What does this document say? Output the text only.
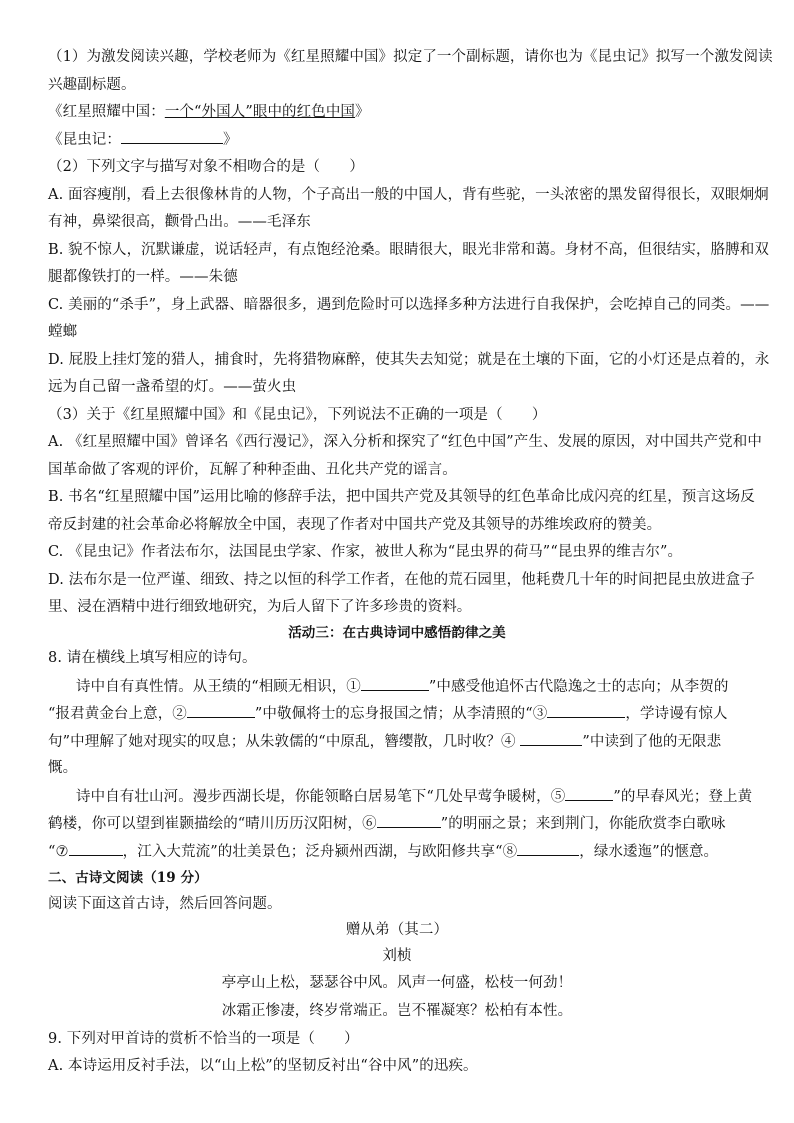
（1）为激发阅读兴趣，学校老师为《红星照耀中国》拟定了一个副标题，请你也为《昆虫记》拟写一个激发阅读
兴趣副标题。
《红星照耀中国：一个“外国人”眼中的红色中国》
《昆虫记：	》
（2）下列文字与描写对象不相吻合的是（　　）
A. 面容瘦削，看上去很像林肯的人物，个子高出一般的中国人，背有些驼，一头浓密的黑发留得很长，双眼炯炯
有神，鼻梁很高，颧骨凸出。——毛泽东
B. 貌不惊人，沉默谦虚，说话轻声，有点饱经沧桑。眼睛很大，眼光非常和蔼。身材不高，但很结实，胳膊和双
腿都像铁打的一样。——朱德
C. 美丽的“杀手”，身上武器、暗器很多，遇到危险时可以选择多种方法进行自我保护，会吃掉自己的同类。——
螳螂
D. 屁股上挂灯笼的猎人，捕食时，先将猎物麻醉，使其失去知觉；就是在土壤的下面，它的小灯还是点着的，永
远为自己留一盏希望的灯。——萤火虫
（3）关于《红星照耀中国》和《昆虫记》，下列说法不正确的一项是（　　）
A. 《红星照耀中国》曾译名《西行漫记》，深入分析和探究了“红色中国”产生、发展的原因，对中国共产党和中
国革命做了客观的评价，瓦解了种种歪曲、丑化共产党的谣言。
B. 书名“红星照耀中国”运用比喻的修辞手法，把中国共产党及其领导的红色革命比成闪亮的红星，预言这场反
帝反封建的社会革命必将解放全中国，表现了作者对中国共产党及其领导的苏维埃政府的赞美。
C. 《昆虫记》作者法布尔，法国昆虫学家、作家，被世人称为“昆虫界的荷马”“昆虫界的维吉尔”。
D. 法布尔是一位严谨、细致、持之以恒的科学工作者，在他的荒石园里，他耗费几十年的时间把昆虫放进盒子
里、浸在酒精中进行细致地研究，为后人留下了许多珍贵的资料。
活动三：在古典诗词中感悟韵律之美
8. 请在横线上填写相应的诗句。
诗中自有真性情。从王绩的“相顾无相识，①	”中感受他追怀古代隐逸之士的志向；从李贺的
“报君黄金台上意，②	”中敬佩将士的忘身报国之情；从李清照的“③	，学诗谩有惊人
句”中理解了她对现实的叹息；从朱敦儒的“中原乱，簪缨散，几时收？④	”中读到了他的无限悲
慨。
诗中自有壮山河。漫步西湖长堤，你能领略白居易笔下“几处早莺争暖树，⑤	”的早春风光；登上黄
鹤楼，你可以望到崔颢描绘的“晴川历历汉阳树，⑥	”的明丽之景；来到荆门，你能欣赏李白歌咏
“⑦	，江入大荒流”的壮美景色；泛舟颍州西湖，与欧阳修共享“⑧	，绿水逶迤”的惬意。
二、古诗文阅读（19 分）
阅读下面这首古诗，然后回答问题。
赠从弟（其二）
刘桢
亭亭山上松，瑟瑟谷中风。风声一何盛，松枝一何劲！
冰霜正惨凄，终岁常端正。岂不罹凝寒？松柏有本性。
9. 下列对甲首诗的赏析不恰当的一项是（　　）
A. 本诗运用反衬手法，以“山上松”的坚韧反衬出“谷中风”的迅疾。
